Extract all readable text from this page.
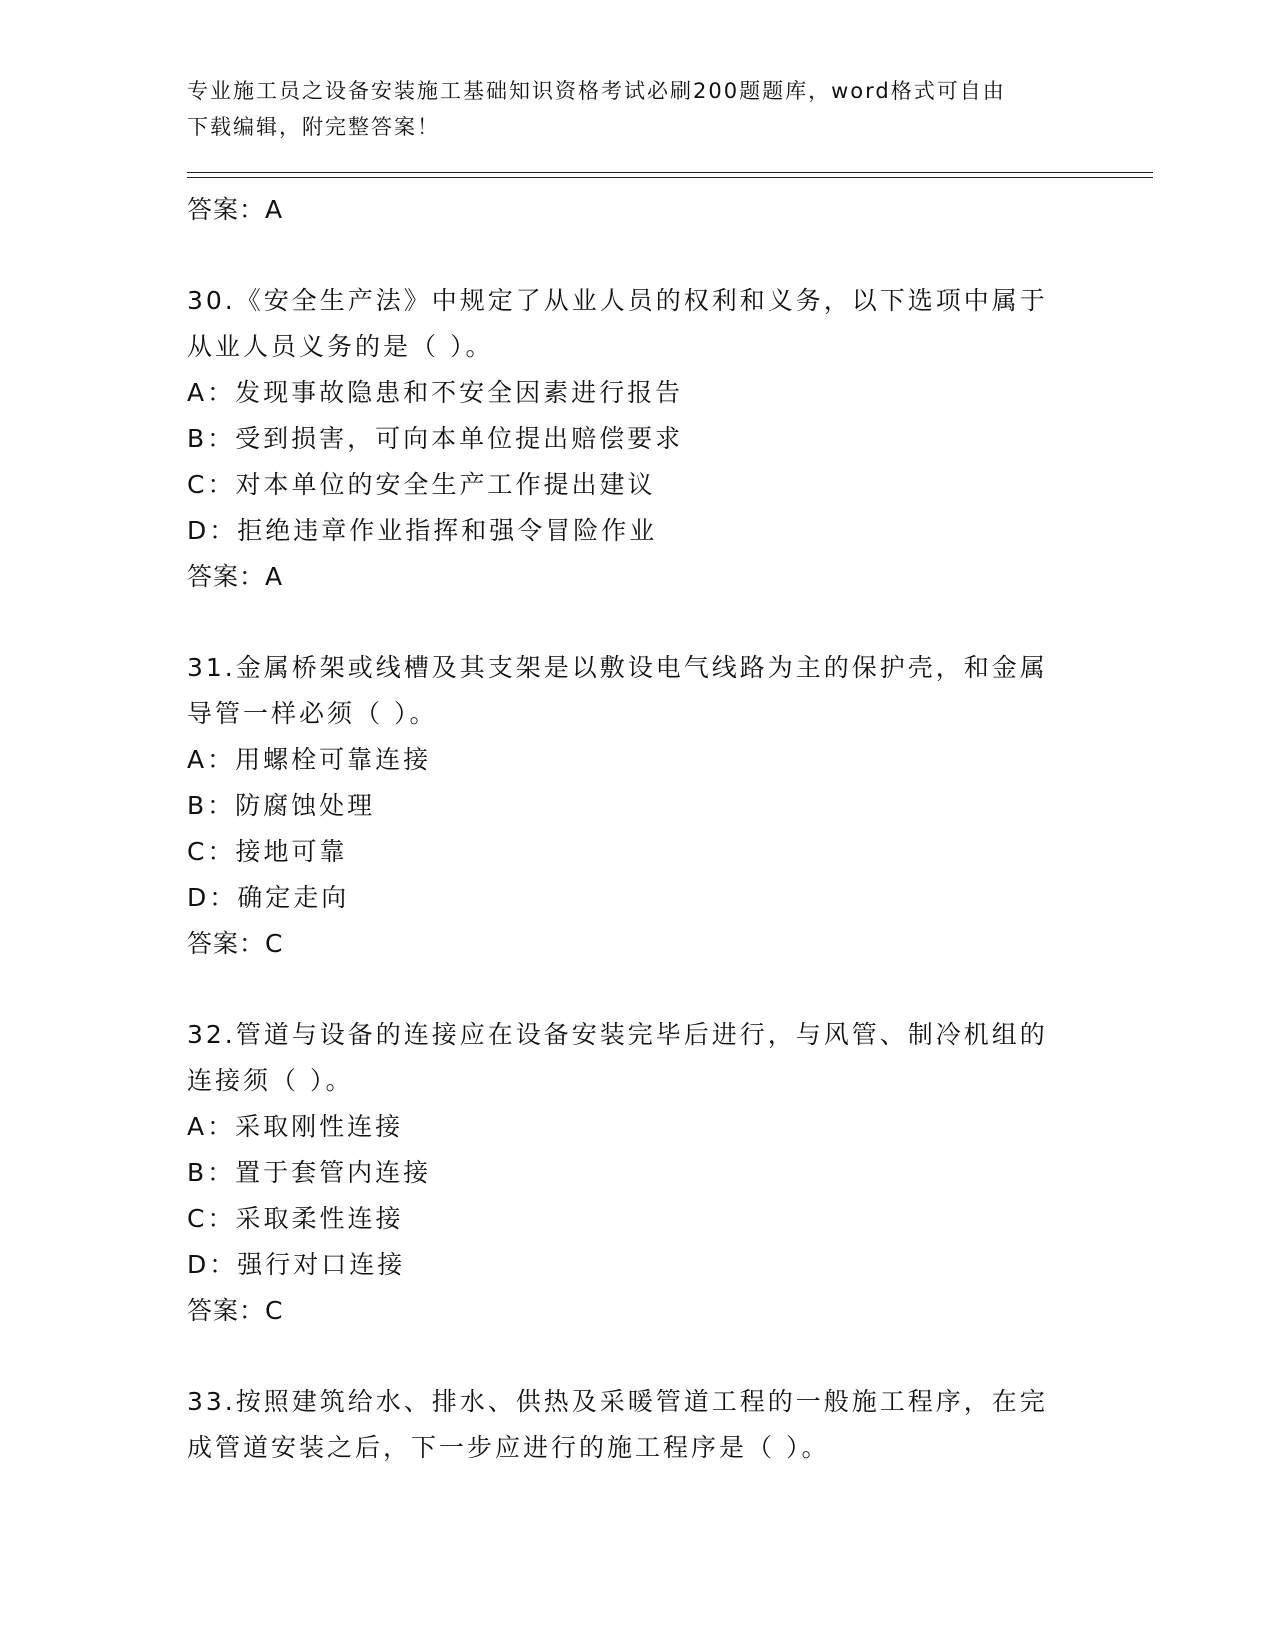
专业施工员之设备安装施工基础知识资格考试必刷200题题库，word格式可自由
下载编辑，附完整答案！
答案：A
30.《安全生产法》中规定了从业人员的权利和义务，以下选项中属于
从业人员义务的是（ ）。
A：发现事故隐患和不安全因素进行报告
B：受到损害，可向本单位提出赔偿要求
C：对本单位的安全生产工作提出建议
D：拒绝违章作业指挥和强令冒险作业
答案：A
31.金属桥架或线槽及其支架是以敷设电气线路为主的保护壳，和金属
导管一样必须（ ）。
A：用螺栓可靠连接
B：防腐蚀处理
C：接地可靠
D：确定走向
答案：C
32.管道与设备的连接应在设备安装完毕后进行，与风管、制冷机组的
连接须（ ）。
A：采取刚性连接
B：置于套管内连接
C：采取柔性连接
D：强行对口连接
答案：C
33.按照建筑给水、排水、供热及采暖管道工程的一般施工程序，在完
成管道安装之后，下一步应进行的施工程序是（ ）。
